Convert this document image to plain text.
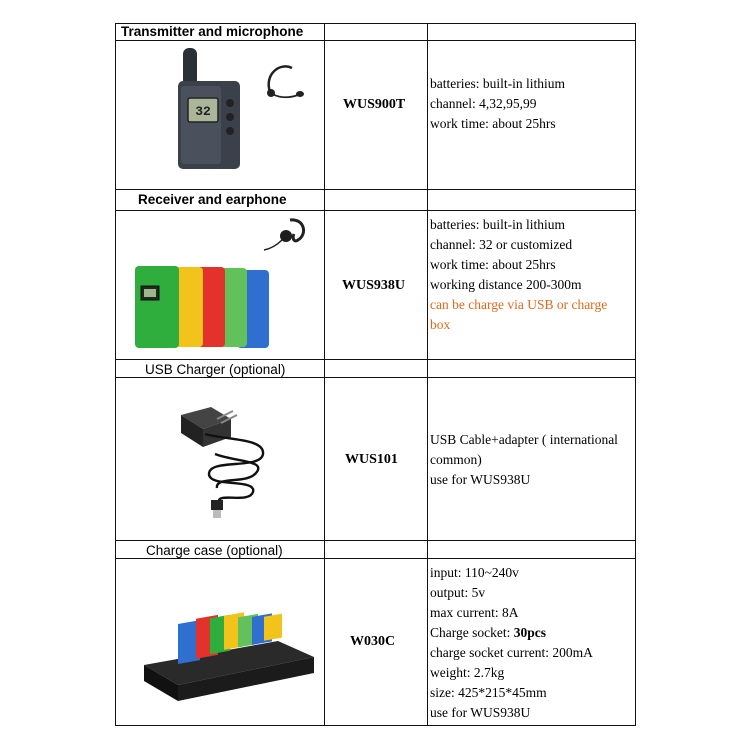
Transmitter and microphone
32	WUS900T
batteries: built-in lithium
channel: 4,32,95,99
work time: about 25hrs
Receiver and earphone
WUS938U
batteries: built-in lithium
channel: 32 or customized
work time: about 25hrs
working distance 200-300m
can be charge via USB or charge
box
USB Charger (optional)
WUS101
USB Cable+adapter ( international
common)
use for WUS938U
Charge case (optional)
W030C
input: 110~240v
output: 5v
max current: 8A
Charge socket: 30pcs
charge socket current: 200mA
weight: 2.7kg
size: 425*215*45mm
use for WUS938U
